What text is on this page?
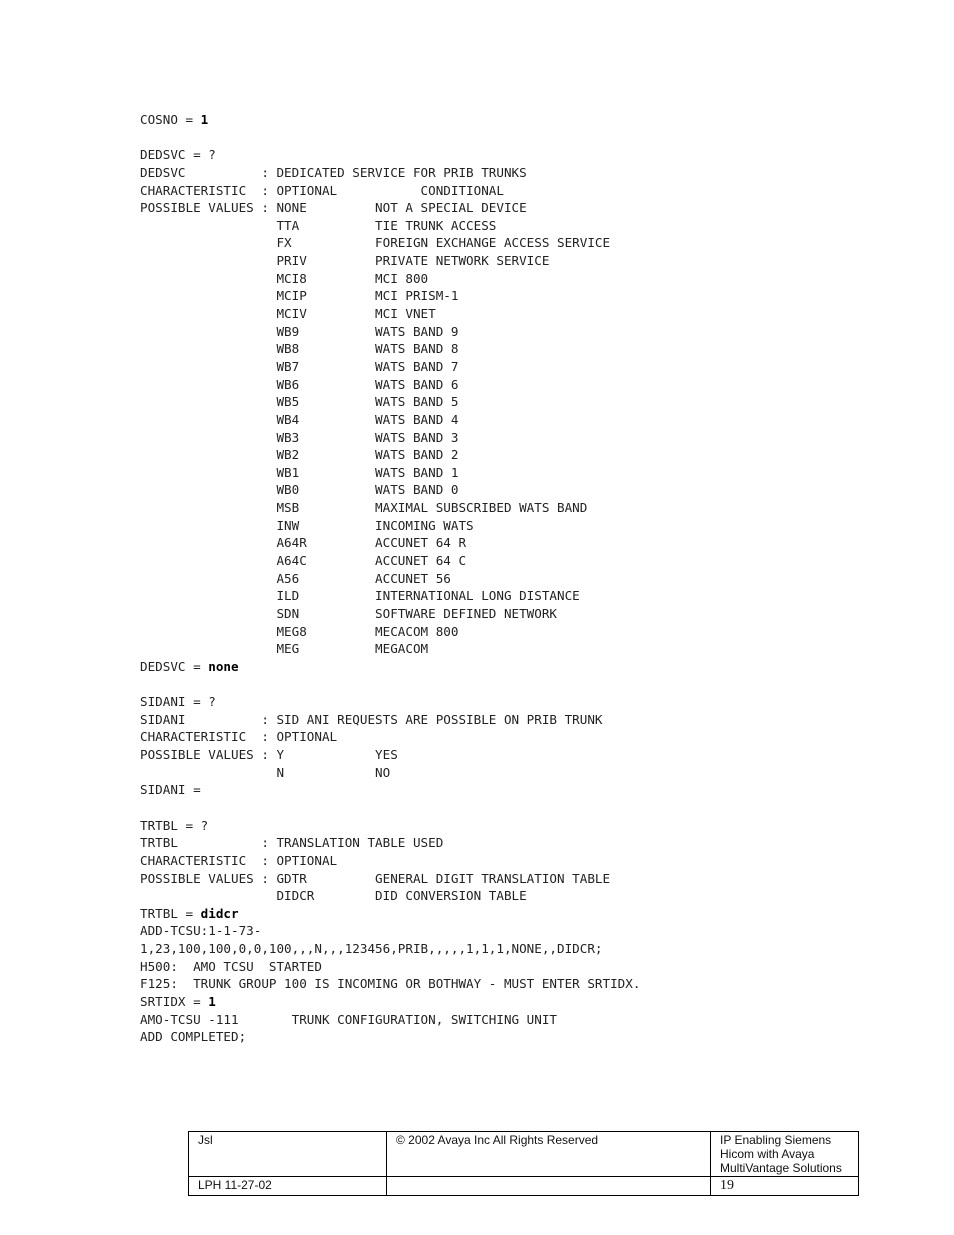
COSNO = 1
DEDSVC = ?
DEDSVC          : DEDICATED SERVICE FOR PRIB TRUNKS
CHARACTERISTIC  : OPTIONAL           CONDITIONAL
POSSIBLE VALUES : NONE         NOT A SPECIAL DEVICE
TTA          TIE TRUNK ACCESS
FX           FOREIGN EXCHANGE ACCESS SERVICE
PRIV         PRIVATE NETWORK SERVICE
MCI8         MCI 800
MCIP         MCI PRISM-1
MCIV         MCI VNET
WB9          WATS BAND 9
WB8          WATS BAND 8
WB7          WATS BAND 7
WB6          WATS BAND 6
WB5          WATS BAND 5
WB4          WATS BAND 4
WB3          WATS BAND 3
WB2          WATS BAND 2
WB1          WATS BAND 1
WB0          WATS BAND 0
MSB          MAXIMAL SUBSCRIBED WATS BAND
INW          INCOMING WATS
A64R         ACCUNET 64 R
A64C         ACCUNET 64 C
A56          ACCUNET 56
ILD          INTERNATIONAL LONG DISTANCE
SDN          SOFTWARE DEFINED NETWORK
MEG8         MECACOM 800
MEG          MEGACOM
DEDSVC = none
SIDANI = ?
SIDANI          : SID ANI REQUESTS ARE POSSIBLE ON PRIB TRUNK
CHARACTERISTIC  : OPTIONAL
POSSIBLE VALUES : Y            YES
N            NO
SIDANI =
TRTBL = ?
TRTBL           : TRANSLATION TABLE USED
CHARACTERISTIC  : OPTIONAL
POSSIBLE VALUES : GDTR         GENERAL DIGIT TRANSLATION TABLE
DIDCR        DID CONVERSION TABLE
TRTBL = didcr
ADD-TCSU:1-1-73-
1,23,100,100,0,0,100,,,N,,,123456,PRIB,,,,,1,1,1,NONE,,DIDCR;
H500:  AMO TCSU  STARTED
F125:  TRUNK GROUP 100 IS INCOMING OR BOTHWAY - MUST ENTER SRTIDX.
SRTIDX = 1
AMO-TCSU -111       TRUNK CONFIGURATION, SWITCHING UNIT
ADD COMPLETED;
Jsl	© 2002 Avaya Inc All Rights Reserved	IP Enabling Siemens
Hicom with Avaya
MultiVantage Solutions

LPH 11-27-02		19
